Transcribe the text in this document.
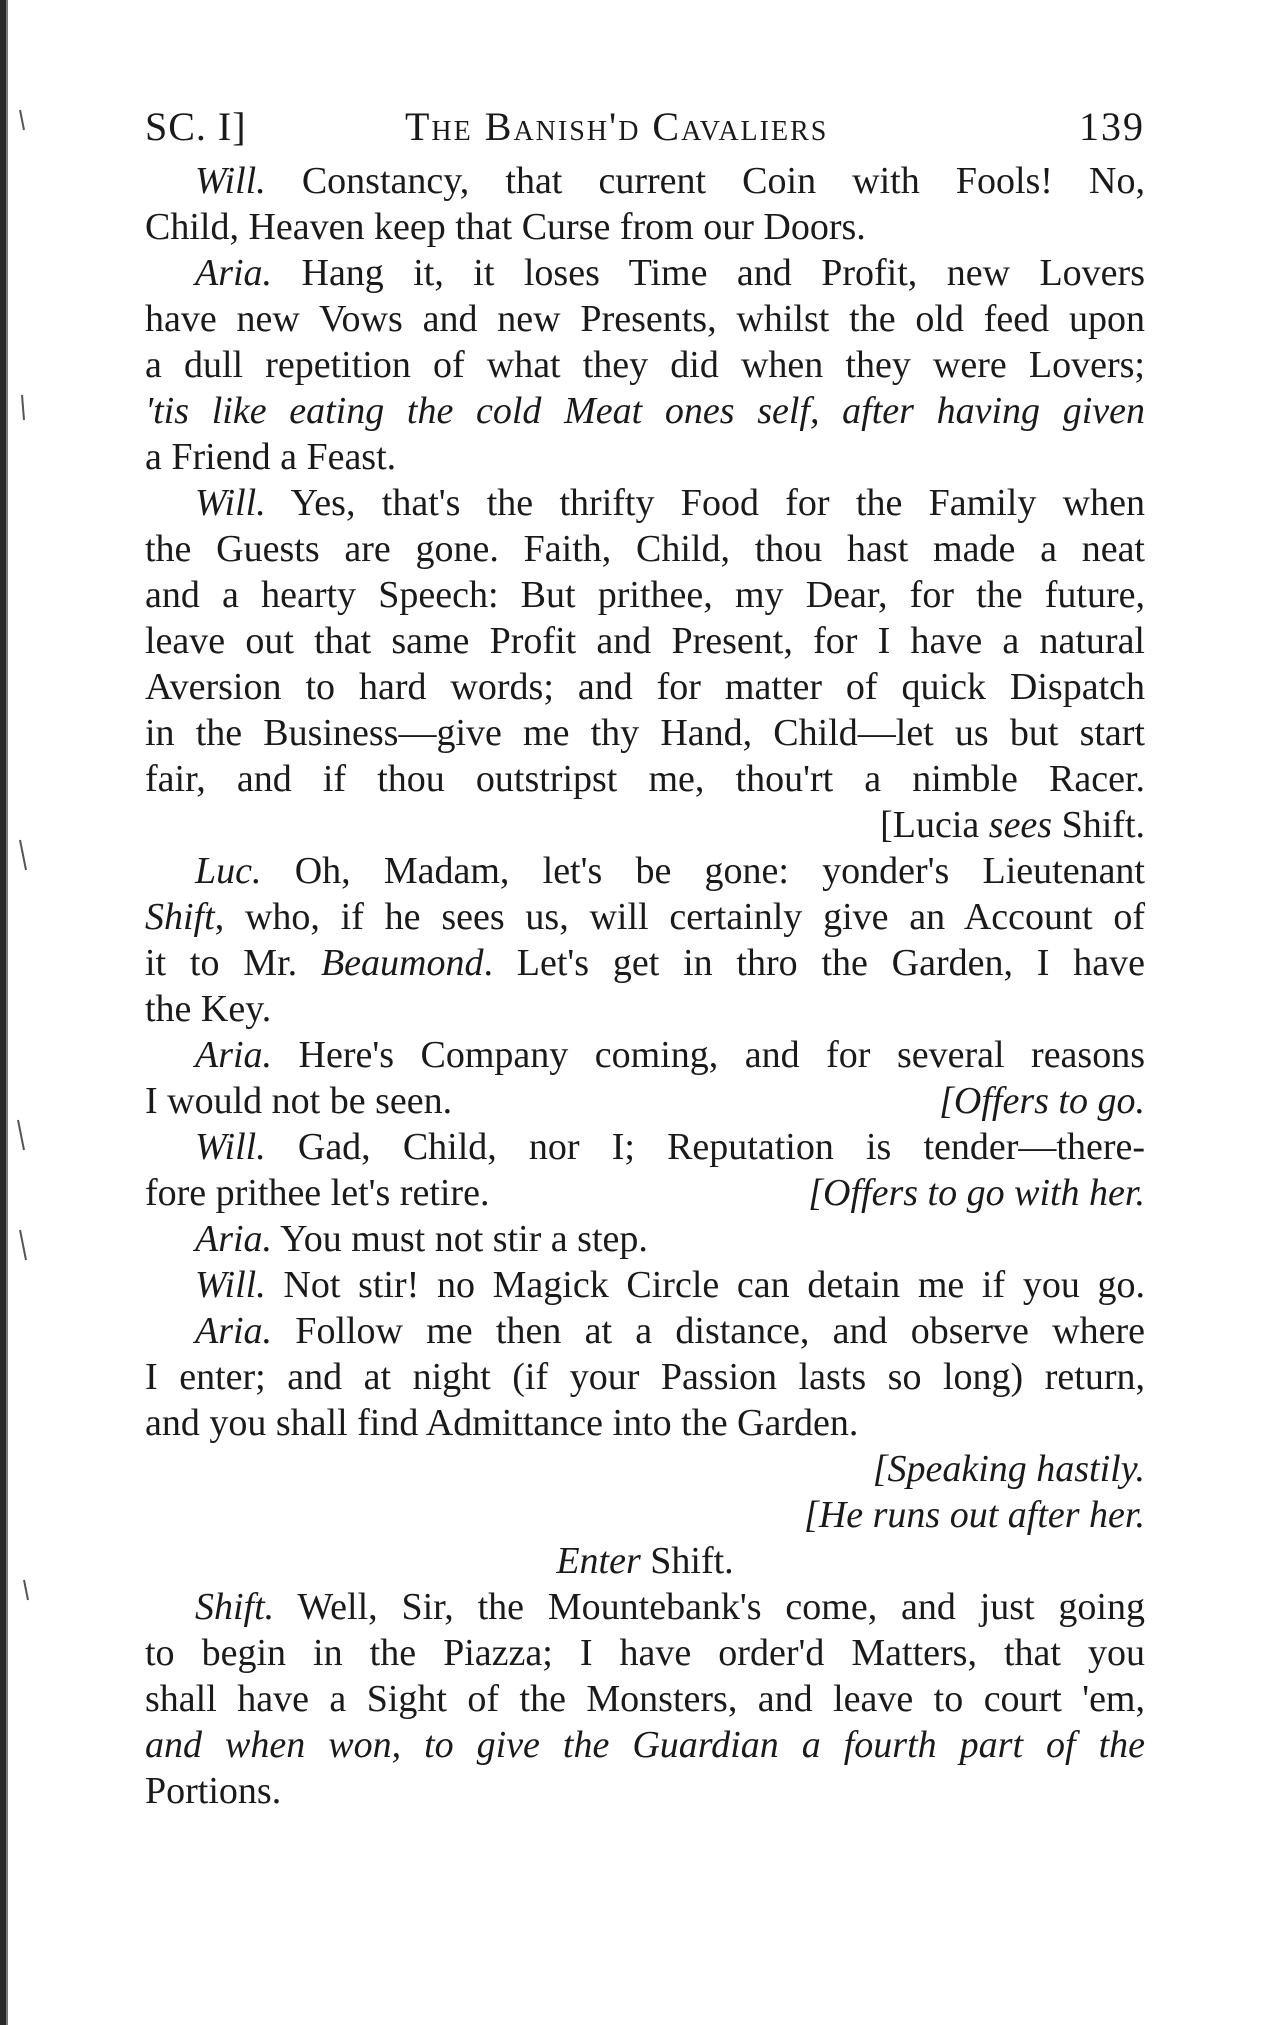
SC. I]	The Banish'd Cavaliers	139
Will. Constancy, that current Coin with Fools! No,
Child, Heaven keep that Curse from our Doors.
Aria. Hang it, it loses Time and Profit, new Lovers
have new Vows and new Presents, whilst the old feed upon
a dull repetition of what they did when they were Lovers;
'tis like eating the cold Meat ones self, after having given
a Friend a Feast.
Will. Yes, that's the thrifty Food for the Family when
the Guests are gone. Faith, Child, thou hast made a neat
and a hearty Speech: But prithee, my Dear, for the future,
leave out that same Profit and Present, for I have a natural
Aversion to hard words; and for matter of quick Dispatch
in the Business—give me thy Hand, Child—let us but start
fair, and if thou outstripst me, thou'rt a nimble Racer.
[Lucia sees Shift.
Luc. Oh, Madam, let's be gone: yonder's Lieutenant
Shift, who, if he sees us, will certainly give an Account of
it to Mr. Beaumond. Let's get in thro the Garden, I have
the Key.
Aria. Here's Company coming, and for several reasons
I would not be seen.	[Offers to go.
Will. Gad, Child, nor I; Reputation is tender—there-
fore prithee let's retire.	[Offers to go with her.
Aria. You must not stir a step.
Will. Not stir! no Magick Circle can detain me if you go.
Aria. Follow me then at a distance, and observe where
I enter; and at night (if your Passion lasts so long) return,
and you shall find Admittance into the Garden.
[Speaking hastily.
[He runs out after her.
Enter Shift.
Shift. Well, Sir, the Mountebank's come, and just going
to begin in the Piazza; I have order'd Matters, that you
shall have a Sight of the Monsters, and leave to court 'em,
and when won, to give the Guardian a fourth part of the
Portions.
